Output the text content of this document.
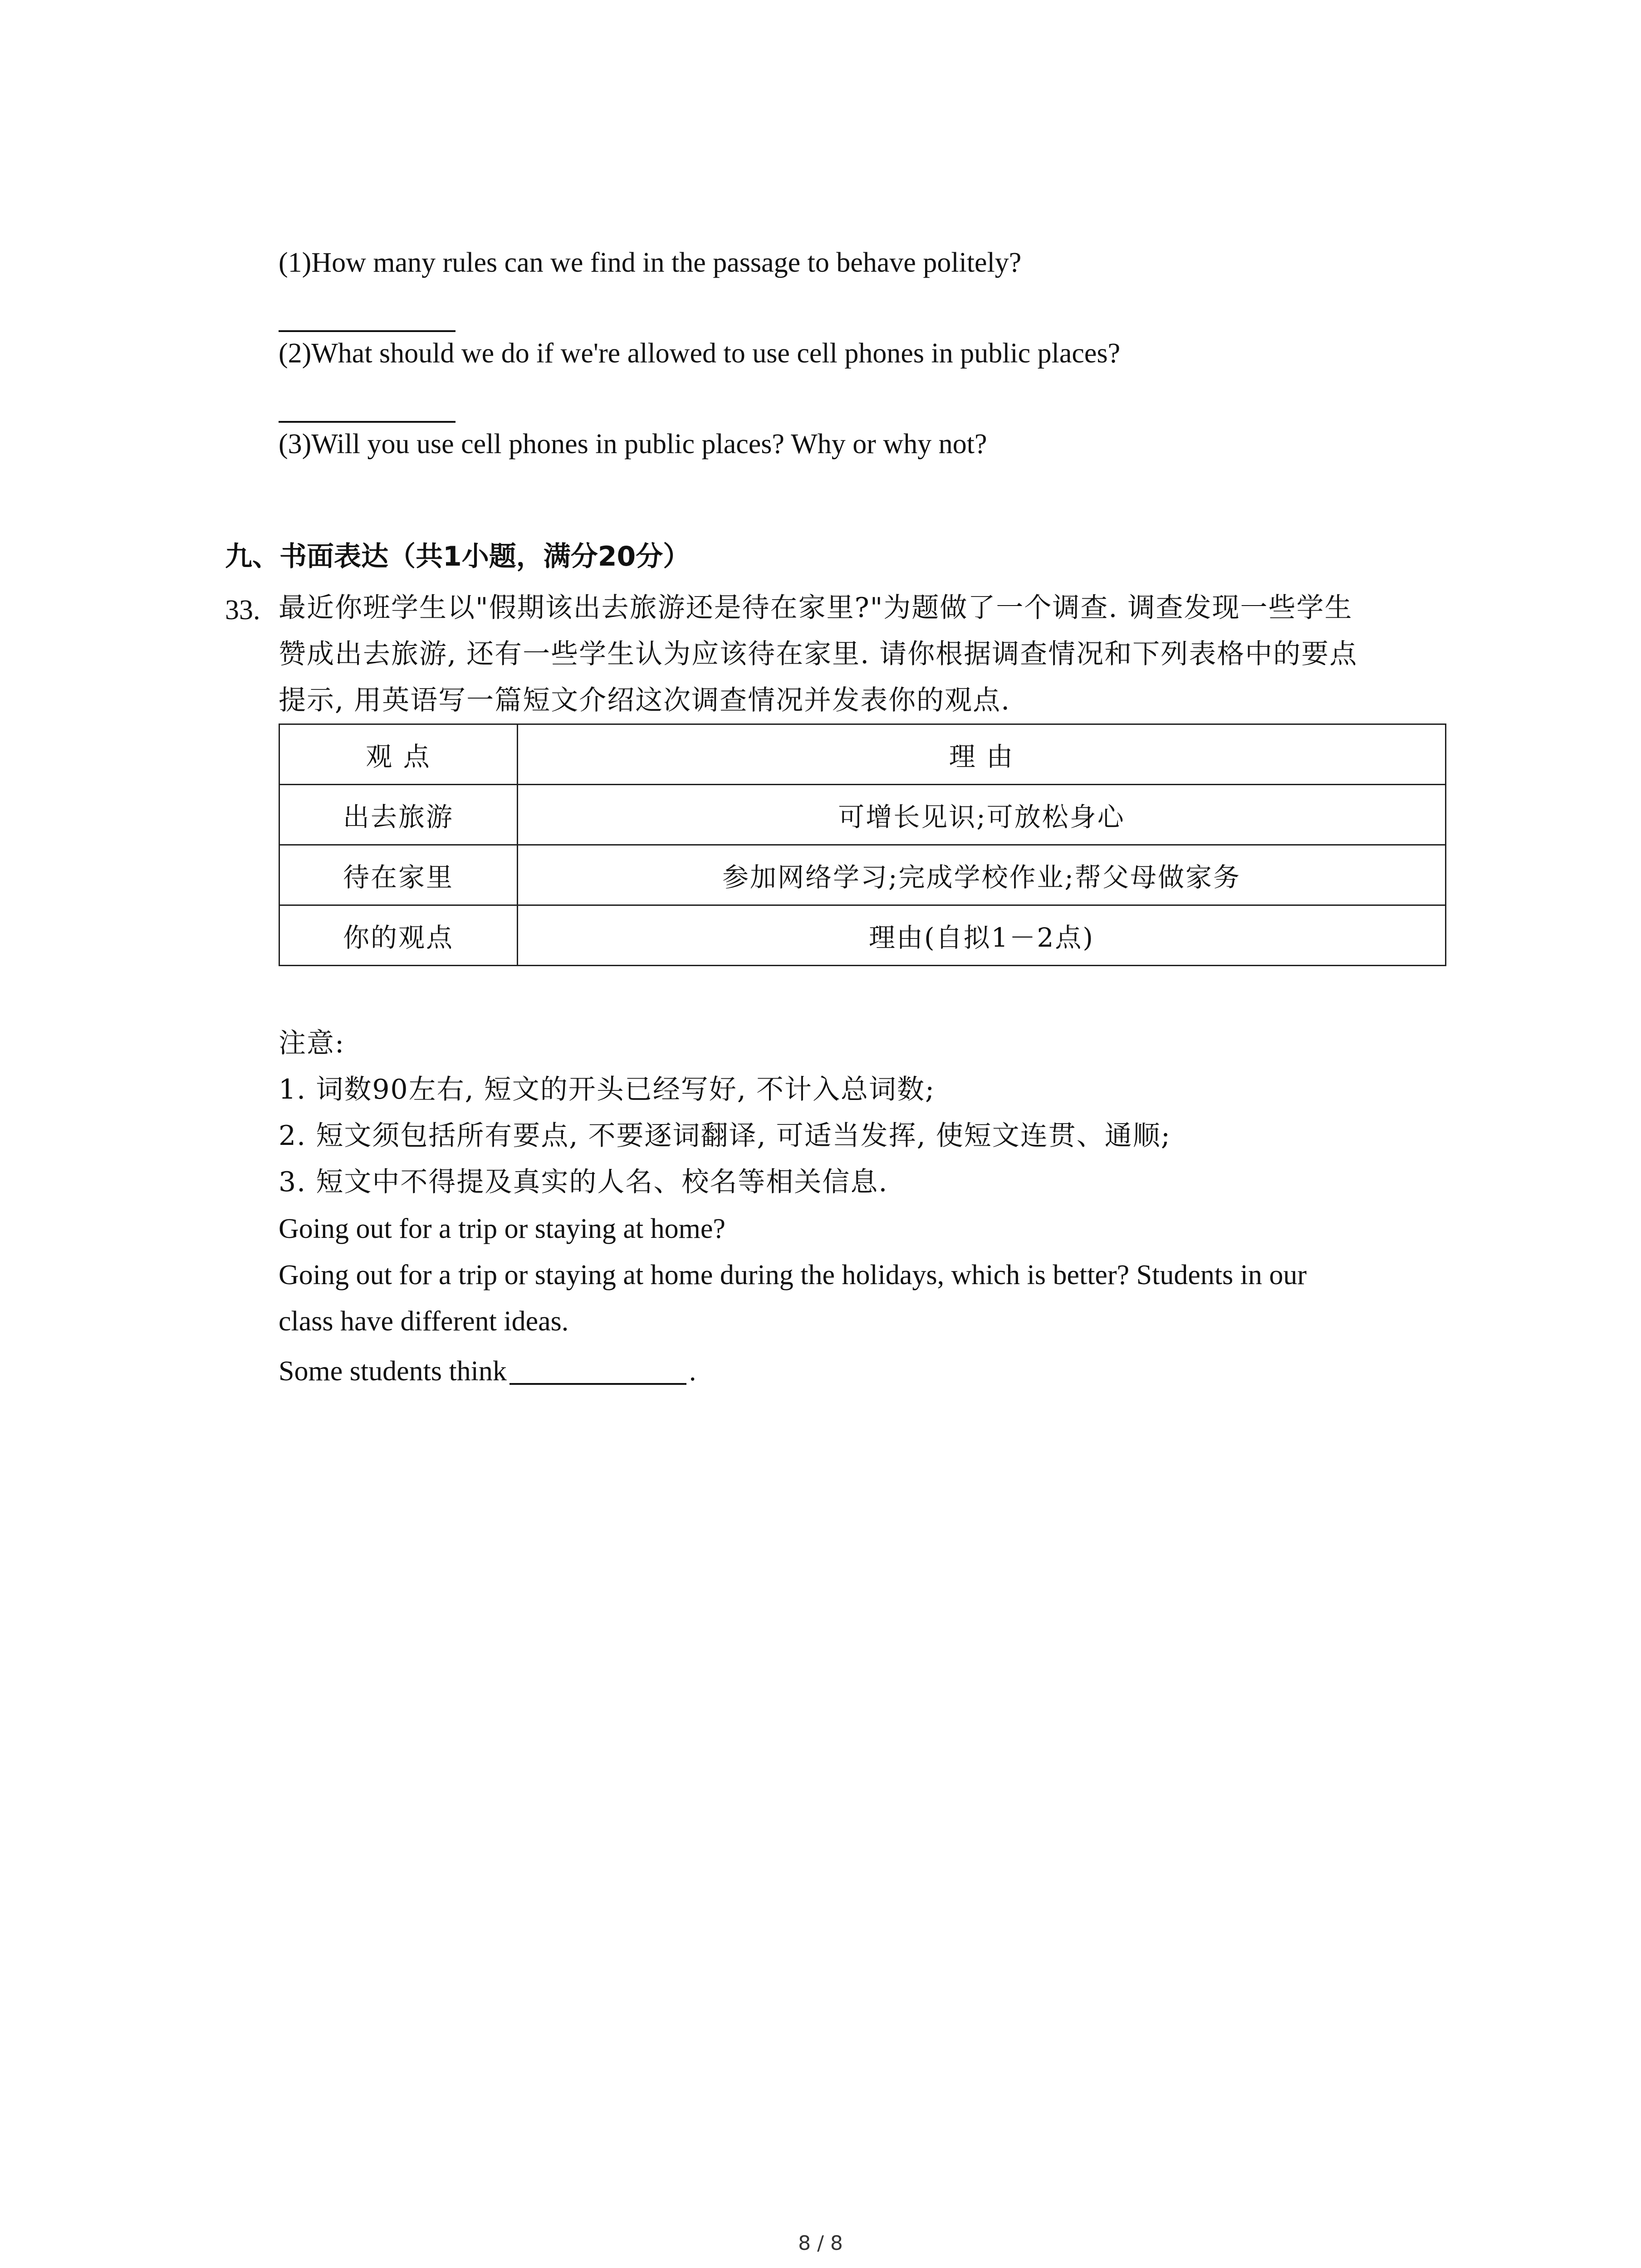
(1)How many rules can we find in the passage to behave politely?
(2)What should we do if we're allowed to use cell phones in public places?
(3)Will you use cell phones in public places? Why or why not?
九、书面表达（共1小题，满分20分）
33. 最近你班学生以"假期该出去旅游还是待在家里?"为题做了一个调查. 调查发现一些学生
赞成出去旅游, 还有一些学生认为应该待在家里. 请你根据调查情况和下列表格中的要点
提示, 用英语写一篇短文介绍这次调查情况并发表你的观点.
观 点	理 由
出去旅游	可增长见识;可放松身心
待在家里	参加网络学习;完成学校作业;帮父母做家务
你的观点	理由(自拟1－2点)
注意:
1. 词数90左右, 短文的开头已经写好, 不计入总词数;
2. 短文须包括所有要点, 不要逐词翻译, 可适当发挥, 使短文连贯、通顺;
3. 短文中不得提及真实的人名、校名等相关信息.
Going out for a trip or staying at home?
Going out for a trip or staying at home during the holidays, which is better? Students in our
class have different ideas.
Some students think	.
8 / 8
